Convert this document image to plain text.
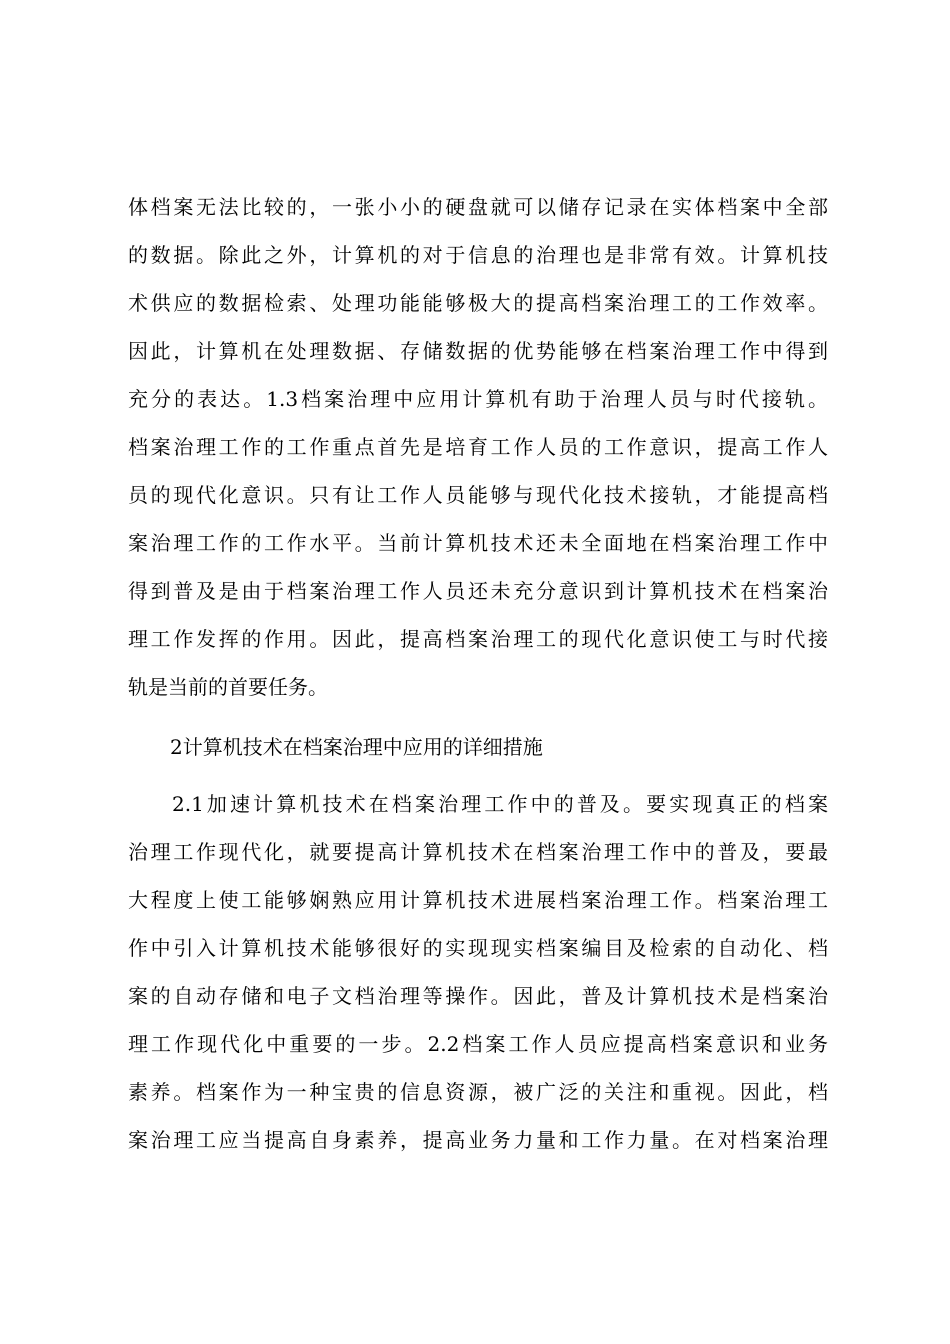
体档案无法比较的，一张小小的硬盘就可以储存记录在实体档案中全部
的数据。除此之外，计算机的对于信息的治理也是非常有效。计算机技
术供应的数据检索、处理功能能够极大的提高档案治理工的工作效率。
因此，计算机在处理数据、存储数据的优势能够在档案治理工作中得到
充分的表达。1.3档案治理中应用计算机有助于治理人员与时代接轨。
档案治理工作的工作重点首先是培育工作人员的工作意识，提高工作人
员的现代化意识。只有让工作人员能够与现代化技术接轨，才能提高档
案治理工作的工作水平。当前计算机技术还未全面地在档案治理工作中
得到普及是由于档案治理工作人员还未充分意识到计算机技术在档案治
理工作发挥的作用。因此，提高档案治理工的现代化意识使工与时代接
轨是当前的首要任务。
2计算机技术在档案治理中应用的详细措施
2.1加速计算机技术在档案治理工作中的普及。要实现真正的档案
治理工作现代化，就要提高计算机技术在档案治理工作中的普及，要最
大程度上使工能够娴熟应用计算机技术进展档案治理工作。档案治理工
作中引入计算机技术能够很好的实现现实档案编目及检索的自动化、档
案的自动存储和电子文档治理等操作。因此，普及计算机技术是档案治
理工作现代化中重要的一步。2.2档案工作人员应提高档案意识和业务
素养。档案作为一种宝贵的信息资源，被广泛的关注和重视。因此，档
案治理工应当提高自身素养，提高业务力量和工作力量。在对档案治理
